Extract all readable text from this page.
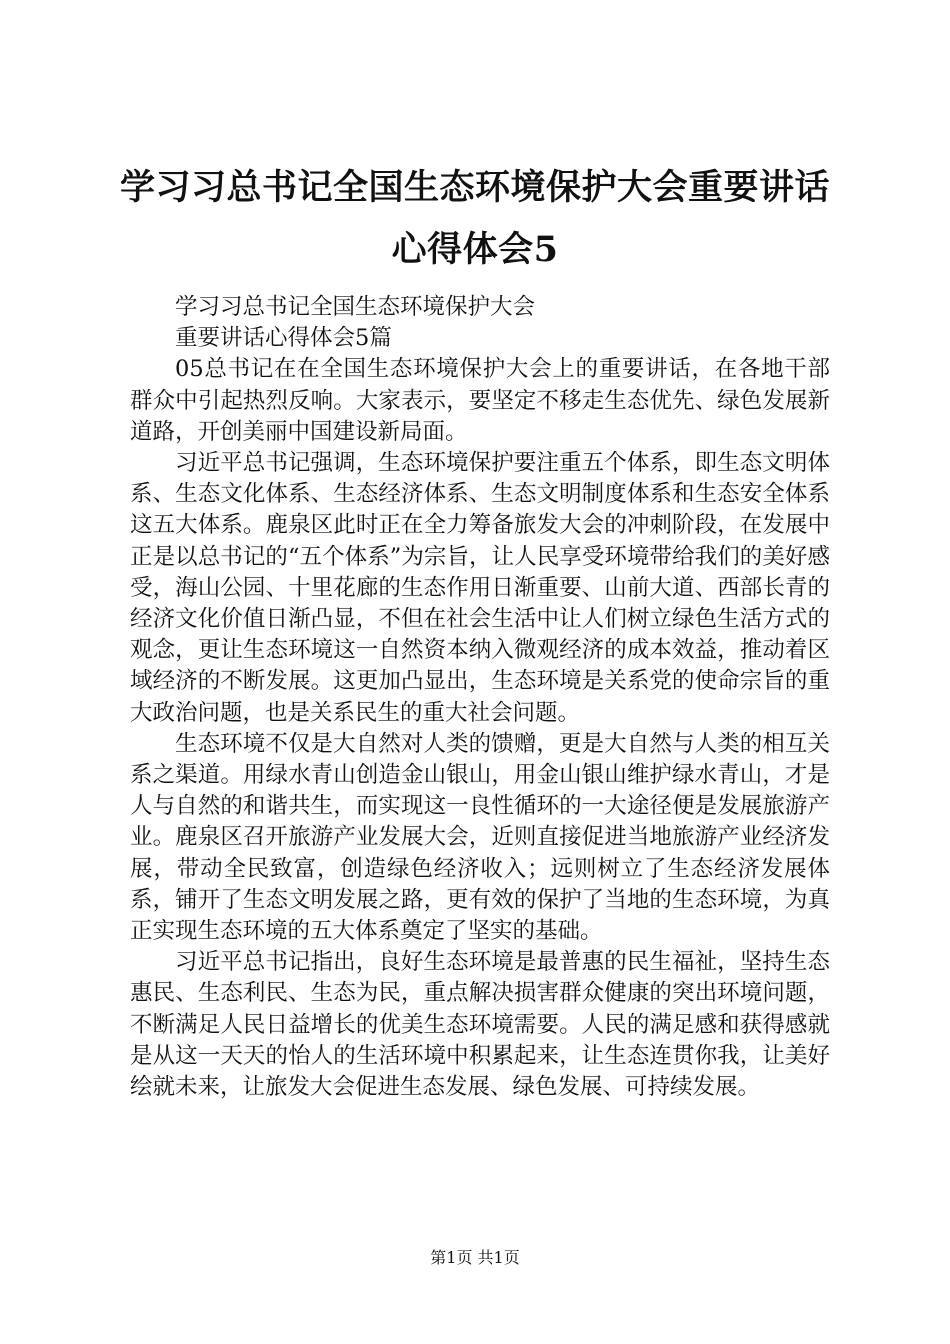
学习习总书记全国生态环境保护大会重要讲话
心得体会5

学习习总书记全国生态环境保护大会

重要讲话心得体会5篇

05总书记在在全国生态环境保护大会上的重要讲话，在各地干部群众中引起热烈反响。大家表示，要坚定不移走生态优先、绿色发展新道路，开创美丽中国建设新局面。

习近平总书记强调，生态环境保护要注重五个体系，即生态文明体系、生态文化体系、生态经济体系、生态文明制度体系和生态安全体系这五大体系。鹿泉区此时正在全力筹备旅发大会的冲刺阶段，在发展中正是以总书记的“五个体系”为宗旨，让人民享受环境带给我们的美好感受，海山公园、十里花廊的生态作用日渐重要、山前大道、西部长青的经济文化价值日渐凸显，不但在社会生活中让人们树立绿色生活方式的观念，更让生态环境这一自然资本纳入微观经济的成本效益，推动着区域经济的不断发展。这更加凸显出，生态环境是关系党的使命宗旨的重大政治问题，也是关系民生的重大社会问题。

生态环境不仅是大自然对人类的馈赠，更是大自然与人类的相互关系之渠道。用绿水青山创造金山银山，用金山银山维护绿水青山，才是人与自然的和谐共生，而实现这一良性循环的一大途径便是发展旅游产业。鹿泉区召开旅游产业发展大会，近则直接促进当地旅游产业经济发展，带动全民致富，创造绿色经济收入；远则树立了生态经济发展体系，铺开了生态文明发展之路，更有效的保护了当地的生态环境，为真正实现生态环境的五大体系奠定了坚实的基础。

习近平总书记指出，良好生态环境是最普惠的民生福祉，坚持生态惠民、生态利民、生态为民，重点解决损害群众健康的突出环境问题，不断满足人民日益增长的优美生态环境需要。人民的满足感和获得感就是从这一天天的怡人的生活环境中积累起来，让生态连贯你我，让美好绘就未来，让旅发大会促进生态发展、绿色发展、可持续发展。

第1页 共1页
